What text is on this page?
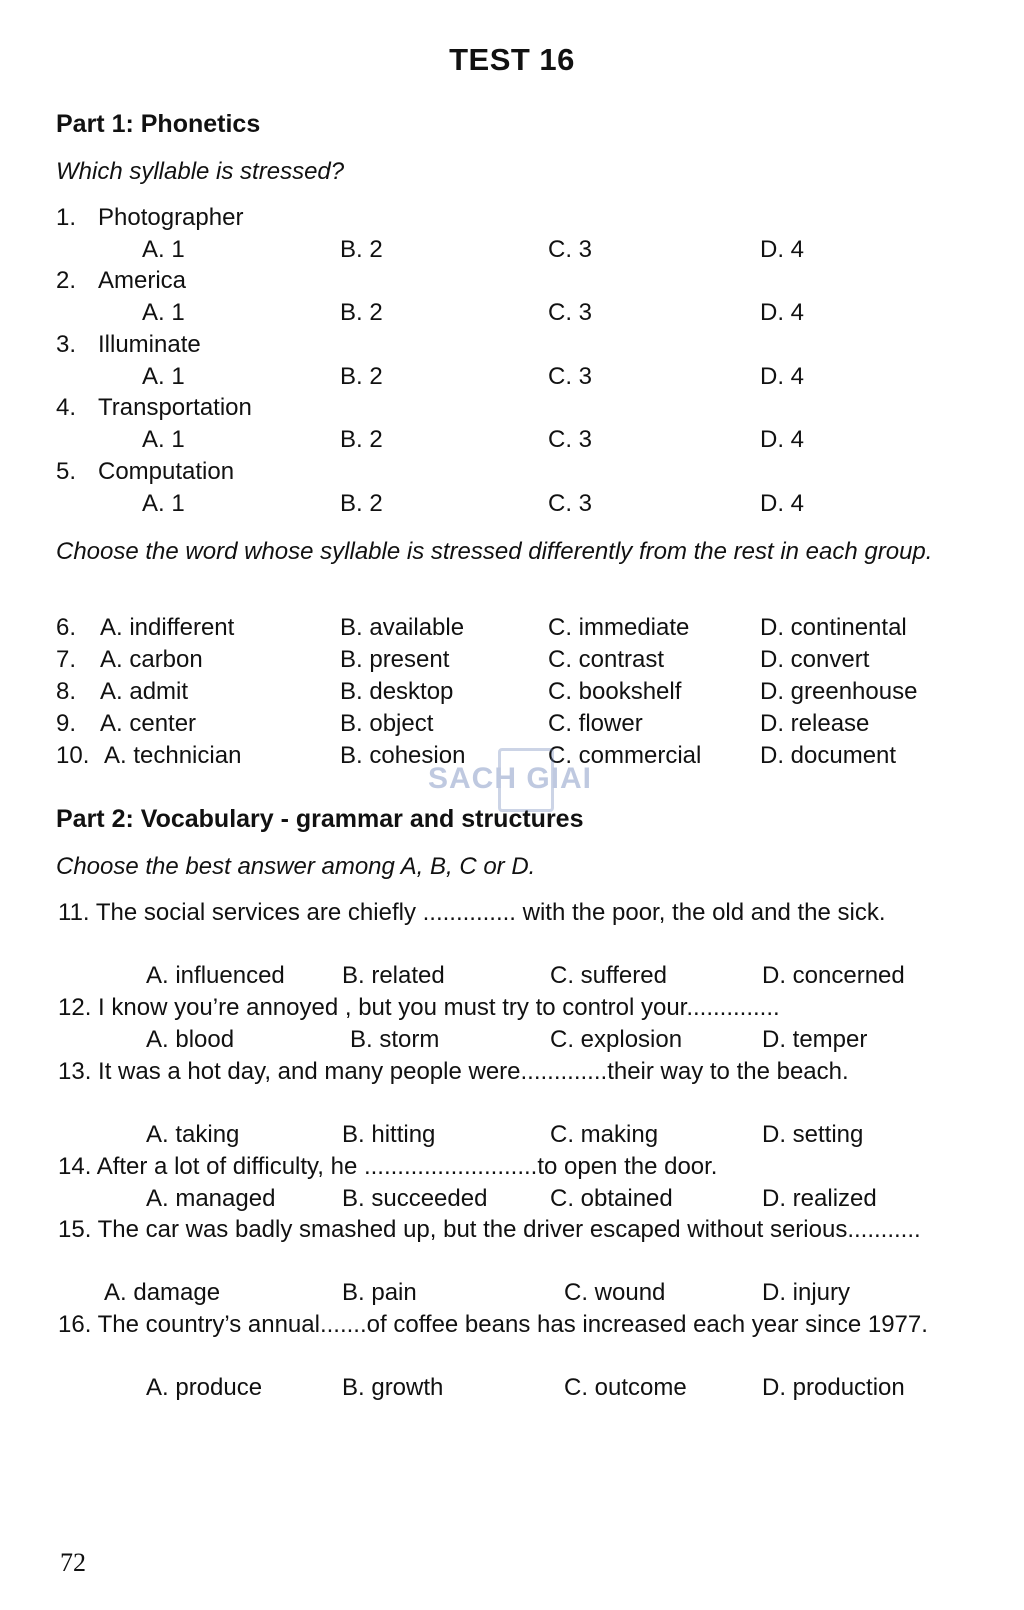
TEST 16
Part 1: Phonetics
Which syllable is stressed?
1. Photographer
A. 1	B. 2	C. 3	D. 4
2. America
A. 1	B. 2	C. 3	D. 4
3. Illuminate
A. 1	B. 2	C. 3	D. 4
4. Transportation
A. 1	B. 2	C. 3	D. 4
5. Computation
A. 1	B. 2	C. 3	D. 4
Choose the word whose syllable is stressed differently from the rest in each group.
6. A. indifferent	B. available	C. immediate	D. continental
7. A. carbon	B. present	C. contrast	D. convert
8. A. admit	B. desktop	C. bookshelf	D. greenhouse
9. A. center	B. object	C. flower	D. release
10. A. technician	B. cohesion	C. commercial D. document
SACH GIAI
Part 2: Vocabulary - grammar and structures
Choose the best answer among A, B, C or D.
11. The social services are chiefly .............. with the poor, the old and the sick.
A. influenced B. related	C. suffered	D. concerned
12. I know you’re annoyed , but you must try to control your..............
A. blood	B. storm	C. explosion	D. temper
13. It was a hot day, and many people were.............their way to the beach.
A. taking	B. hitting	C. making	D. setting
14. After a lot of difficulty, he ..........................to open the door.
A. managed	B. succeeded	C. obtained	D. realized
15. The car was badly smashed up, but the driver escaped without serious...........
A. damage	B. pain	C. wound	D. injury
16. The country’s annual.......of coffee beans has increased each year since 1977.
A. produce	B. growth	C. outcome	D. production
72
